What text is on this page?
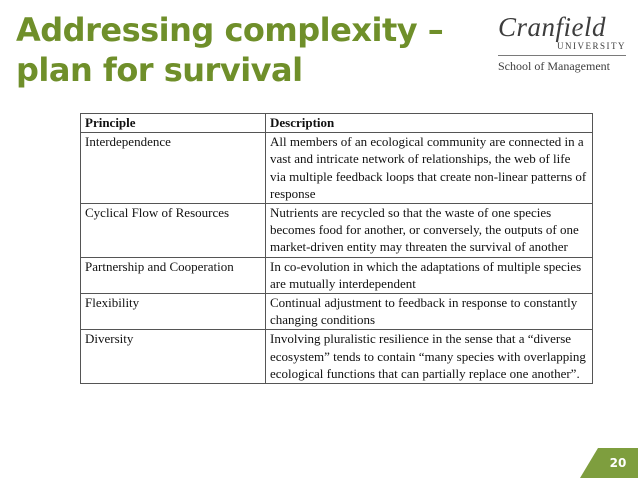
Addressing complexity –
plan for survival
Cranfield
UNIVERSITY
School of Management
Principle	Description
Interdependence	All members of an ecological community are connected in a vast and intricate network of relationships, the web of life via multiple feedback loops that create non-linear patterns of response
Cyclical Flow of Resources	Nutrients are recycled so that the waste of one species becomes food for another, or conversely, the outputs of one market-driven entity may threaten the survival of another
Partnership and Cooperation	In co-evolution in which the adaptations of multiple species are mutually interdependent
Flexibility	Continual adjustment to feedback in response to constantly changing conditions
Diversity	Involving pluralistic resilience in the sense that a “diverse ecosystem” tends to contain “many species with overlapping ecological functions that can partially replace one another”.
20
